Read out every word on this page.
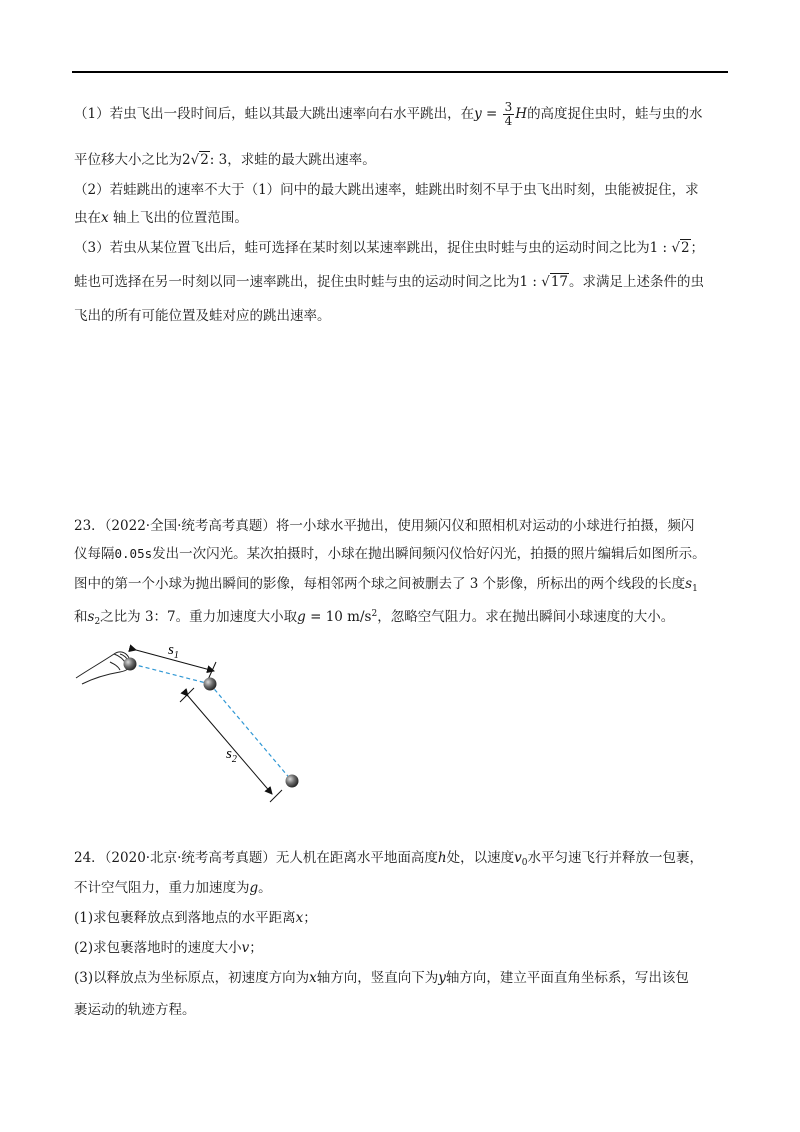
（1）若虫飞出一段时间后，蛙以其最大跳出速率向右水平跳出，在$y = \frac{3}{4}$ H的高度捉住虫时，蛙与虫的水
平位移大小之比为2√2: 3，求蛙的最大跳出速率。
（2）若蛙跳出的速率不大于（1）问中的最大跳出速率，蛙跳出时刻不早于虫飞出时刻，虫能被捉住，求
虫在x 轴上飞出的位置范围。
（3）若虫从某位置飞出后，蛙可选择在某时刻以某速率跳出，捉住虫时蛙与虫的运动时间之比为1 : √2；
蛙也可选择在另一时刻以同一速率跳出，捉住虫时蛙与虫的运动时间之比为1 : √17。求满足上述条件的虫
飞出的所有可能位置及蛙对应的跳出速率。
23．（2022·全国·统考高考真题）将一小球水平抛出，使用频闪仪和照相机对运动的小球进行拍摄，频闪
仪每隔0.05s发出一次闪光。某次拍摄时，小球在抛出瞬间频闪仪恰好闪光，拍摄的照片编辑后如图所示。
图中的第一个小球为抛出瞬间的影像，每相邻两个球之间被删去了 3 个影像，所标出的两个线段的长度$s_1$
和$s_2$之比为 3：7。重力加速度大小取g = 10 $m/s^2$，忽略空气阻力。求在抛出瞬间小球速度的大小。
$s_1$
$s_2$
24．（2020·北京·统考高考真题）无人机在距离水平地面高度h处，以速度$v_0$水平匀速飞行并释放一包裹，
不计空气阻力，重力加速度为g。
(1)求包裹释放点到落地点的水平距离x；
(2)求包裹落地时的速度大小v；
(3)以释放点为坐标原点，初速度方向为x轴方向，竖直向下为y轴方向，建立平面直角坐标系，写出该包
裹运动的轨迹方程。
